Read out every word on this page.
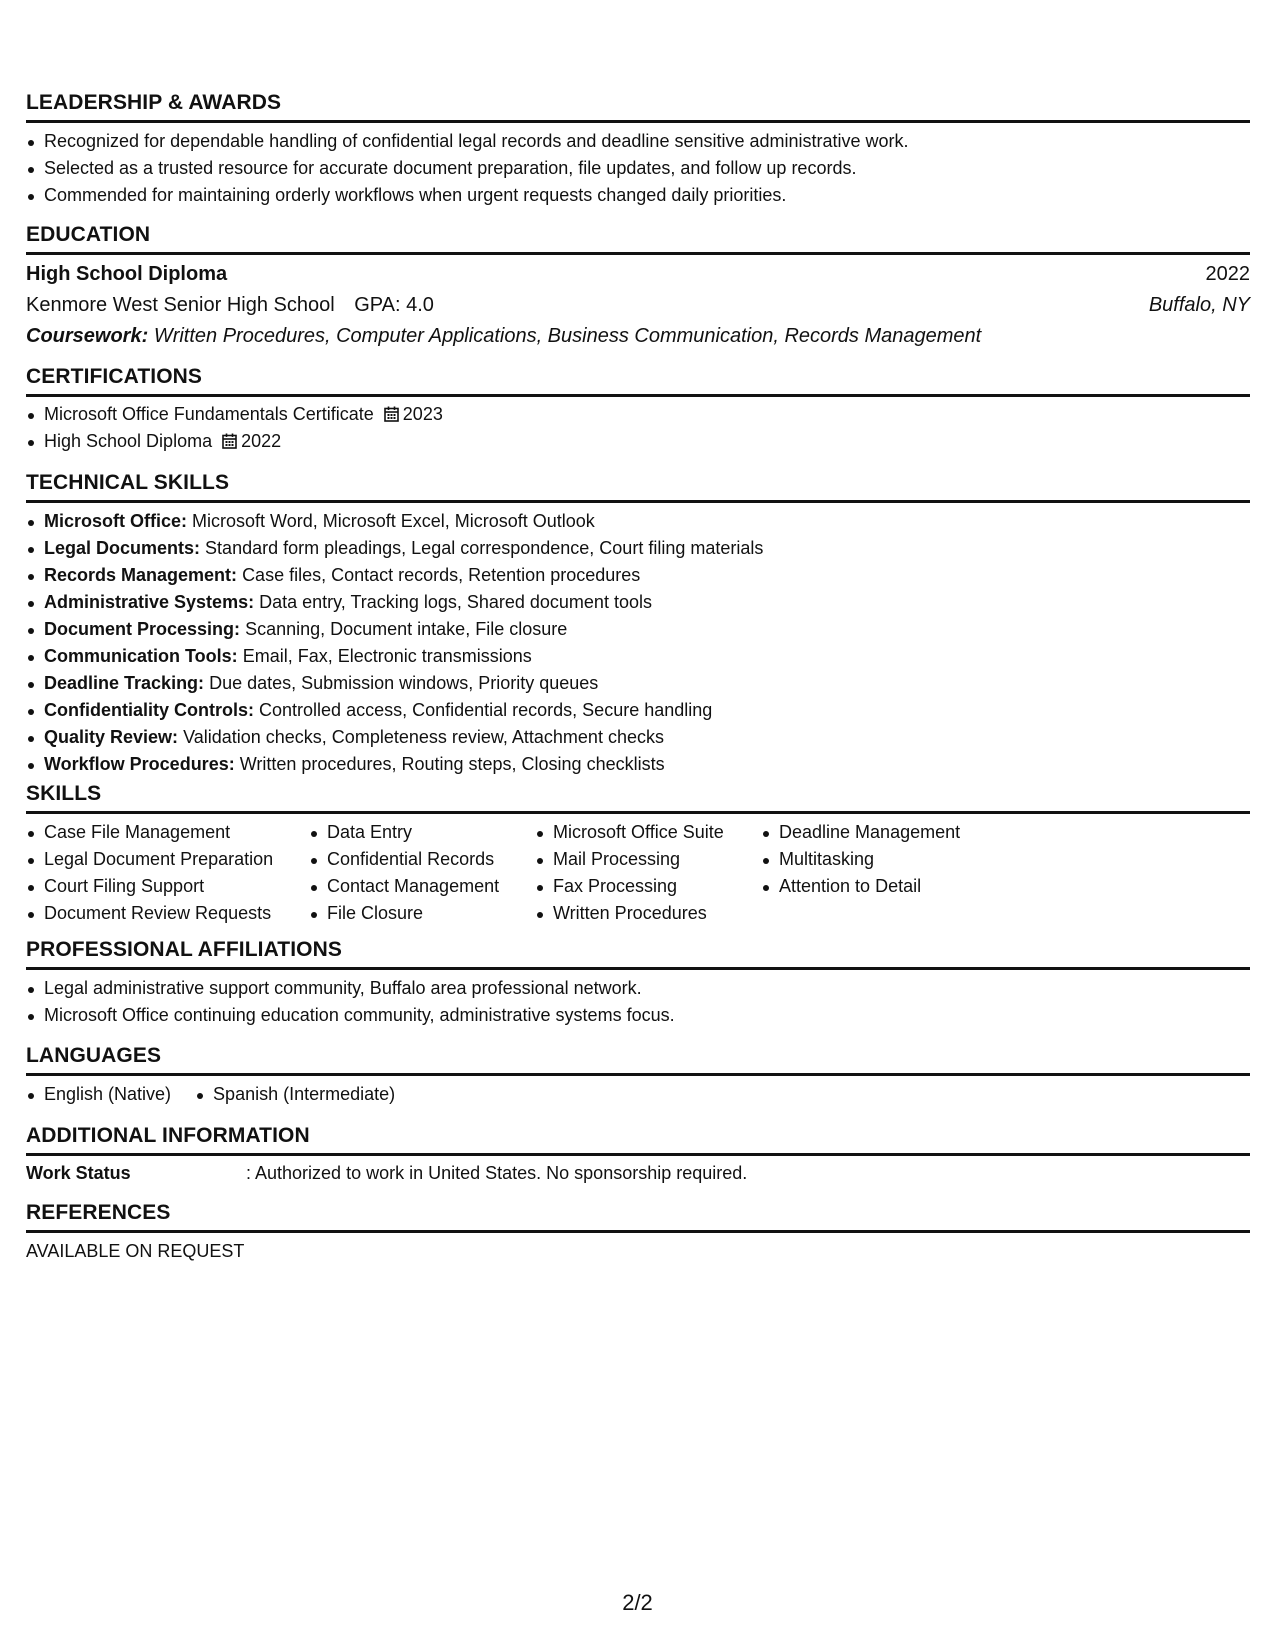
LEADERSHIP & AWARDS
Recognized for dependable handling of confidential legal records and deadline sensitive administrative work.
Selected as a trusted resource for accurate document preparation, file updates, and follow up records.
Commended for maintaining orderly workflows when urgent requests changed daily priorities.
EDUCATION
High School Diploma	2022
Kenmore West Senior High School GPA: 4.0	Buffalo, NY
Coursework: Written Procedures, Computer Applications, Business Communication, Records Management
CERTIFICATIONS
Microsoft Office Fundamentals Certificate 2023
High School Diploma 2022
TECHNICAL SKILLS
Microsoft Office: Microsoft Word, Microsoft Excel, Microsoft Outlook
Legal Documents: Standard form pleadings, Legal correspondence, Court filing materials
Records Management: Case files, Contact records, Retention procedures
Administrative Systems: Data entry, Tracking logs, Shared document tools
Document Processing: Scanning, Document intake, File closure
Communication Tools: Email, Fax, Electronic transmissions
Deadline Tracking: Due dates, Submission windows, Priority queues
Confidentiality Controls: Controlled access, Confidential records, Secure handling
Quality Review: Validation checks, Completeness review, Attachment checks
Workflow Procedures: Written procedures, Routing steps, Closing checklists
SKILLS
Case File Management
Legal Document Preparation
Court Filing Support
Document Review Requests
Data Entry
Confidential Records
Contact Management
File Closure
Microsoft Office Suite
Mail Processing
Fax Processing
Written Procedures
Deadline Management
Multitasking
Attention to Detail
PROFESSIONAL AFFILIATIONS
Legal administrative support community, Buffalo area professional network.
Microsoft Office continuing education community, administrative systems focus.
LANGUAGES
English (Native)	Spanish (Intermediate)
ADDITIONAL INFORMATION
Work Status	: Authorized to work in United States. No sponsorship required.
REFERENCES
AVAILABLE ON REQUEST
2/2
